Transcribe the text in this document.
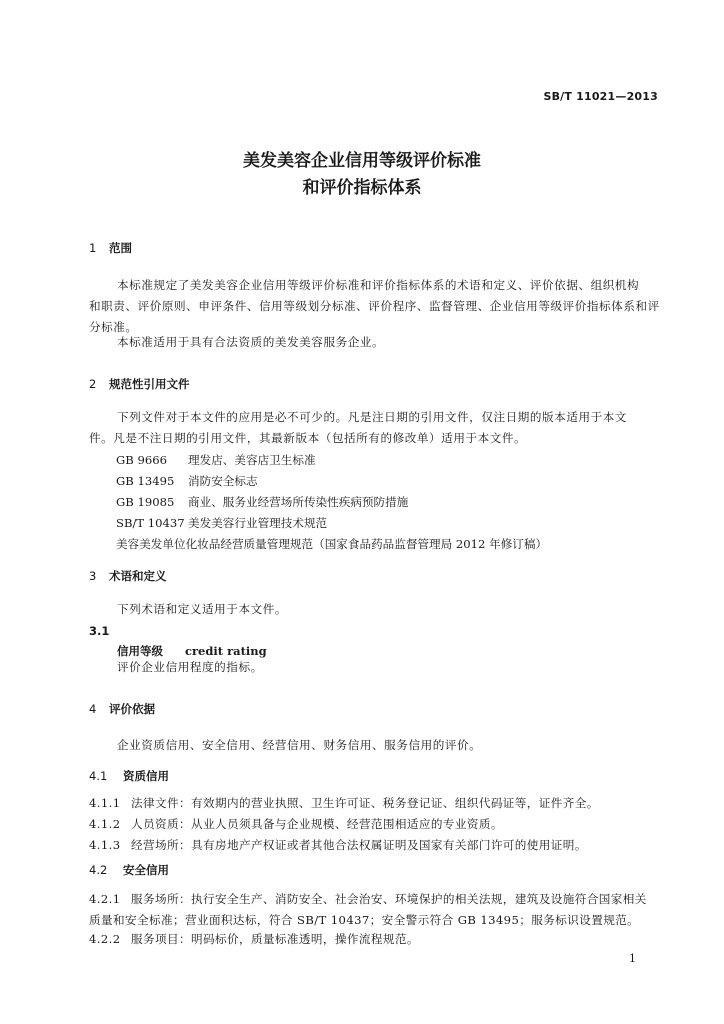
SB/T 11021—2013
美发美容企业信用等级评价标准
和评价指标体系
1 范围
本标准规定了美发美容企业信用等级评价标准和评价指标体系的术语和定义、评价依据、组织机构
和职责、评价原则、申评条件、信用等级划分标准、评价程序、监督管理、企业信用等级评价指标体系和评
分标准。
本标准适用于具有合法资质的美发美容服务企业。
2 规范性引用文件
下列文件对于本文件的应用是必不可少的。凡是注日期的引用文件，仅注日期的版本适用于本文
件。凡是不注日期的引用文件，其最新版本（包括所有的修改单）适用于本文件。
GB 9666 理发店、美容店卫生标准
GB 13495 消防安全标志
GB 19085 商业、服务业经营场所传染性疾病预防措施
SB/T 10437 美发美容行业管理技术规范
美容美发单位化妆品经营质量管理规范（国家食品药品监督管理局 2012 年修订稿）
3 术语和定义
下列术语和定义适用于本文件。
3.1
信用等级 credit rating
评价企业信用程度的指标。
4 评价依据
企业资质信用、安全信用、经营信用、财务信用、服务信用的评价。
4.1 资质信用
4.1.1 法律文件：有效期内的营业执照、卫生许可证、税务登记证、组织代码证等，证件齐全。
4.1.2 人员资质：从业人员须具备与企业规模、经营范围相适应的专业资质。
4.1.3 经营场所：具有房地产产权证或者其他合法权属证明及国家有关部门许可的使用证明。
4.2 安全信用
4.2.1 服务场所：执行安全生产、消防安全、社会治安、环境保护的相关法规，建筑及设施符合国家相关
质量和安全标准；营业面积达标，符合 SB/T 10437；安全警示符合 GB 13495；服务标识设置规范。
4.2.2 服务项目：明码标价，质量标准透明，操作流程规范。
1
